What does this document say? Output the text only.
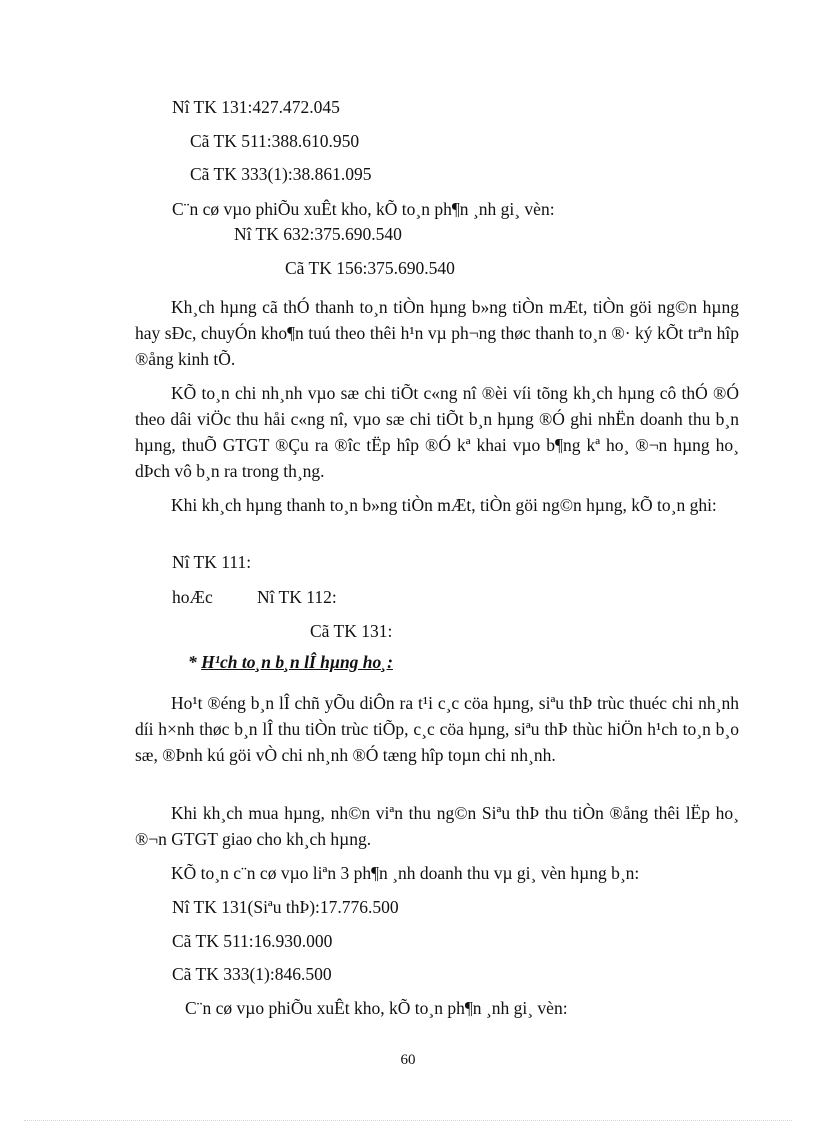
Nî TK 131:427.472.045
Cã TK 511:388.610.950
Cã TK 333(1):38.861.095
C¨n cø vµo phiÕu xuÊt kho, kÕ to¸n ph¶n ¸nh gi¸ vèn:
Nî TK 632:375.690.540
Cã TK 156:375.690.540
Kh¸ch hµng cã thÓ thanh to¸n tiÒn hµng b»ng tiÒn mÆt, tiÒn göi ng©n hµng hay sÐc, chuyÓn kho¶n tuú theo thêi h¹n vµ ph¬ng thøc thanh to¸n ®· ký kÕt trªn hîp ®ång kinh tÕ.
KÕ to¸n chi nh¸nh vµo sæ chi tiÕt c«ng nî ®èi víi tõng kh¸ch hµng cô thÓ ®Ó theo dâi viÖc thu håi c«ng nî, vµo sæ chi tiÕt b¸n hµng ®Ó ghi nhËn doanh thu b¸n hµng, thuÕ GTGT ®Çu ra ®îc tËp hîp ®Ó kª khai vµo b¶ng kª ho¸ ®¬n hµng ho¸ dÞch vô b¸n ra trong th¸ng.
Khi kh¸ch hµng thanh to¸n b»ng tiÒn mÆt, tiÒn göi ng©n hµng, kÕ to¸n ghi:
Nî TK 111:
hoÆc	Nî TK 112:
Cã TK 131:
* H¹ch to¸n b¸n lÎ hµng ho¸:
Ho¹t ®éng b¸n lÎ chñ yÕu diÔn ra t¹i c¸c cöa hµng, siªu thÞ trùc thuéc chi nh¸nh díi h×nh thøc b¸n lÎ thu tiÒn trùc tiÕp, c¸c cöa hµng, siªu thÞ thùc hiÖn h¹ch to¸n b¸o sæ, ®Þnh kú göi vÒ chi nh¸nh ®Ó tæng hîp toµn chi nh¸nh.
Khi kh¸ch mua hµng, nh©n viªn thu ng©n Siªu thÞ thu tiÒn ®ång thêi lËp ho¸ ®¬n GTGT giao cho kh¸ch hµng.
KÕ to¸n c¨n cø vµo liªn 3 ph¶n ¸nh doanh thu vµ gi¸ vèn hµng b¸n:
Nî TK 131(Siªu thÞ):17.776.500
Cã TK 511:16.930.000
Cã TK 333(1):846.500
C¨n cø vµo phiÕu xuÊt kho, kÕ to¸n ph¶n ¸nh gi¸ vèn:
60
